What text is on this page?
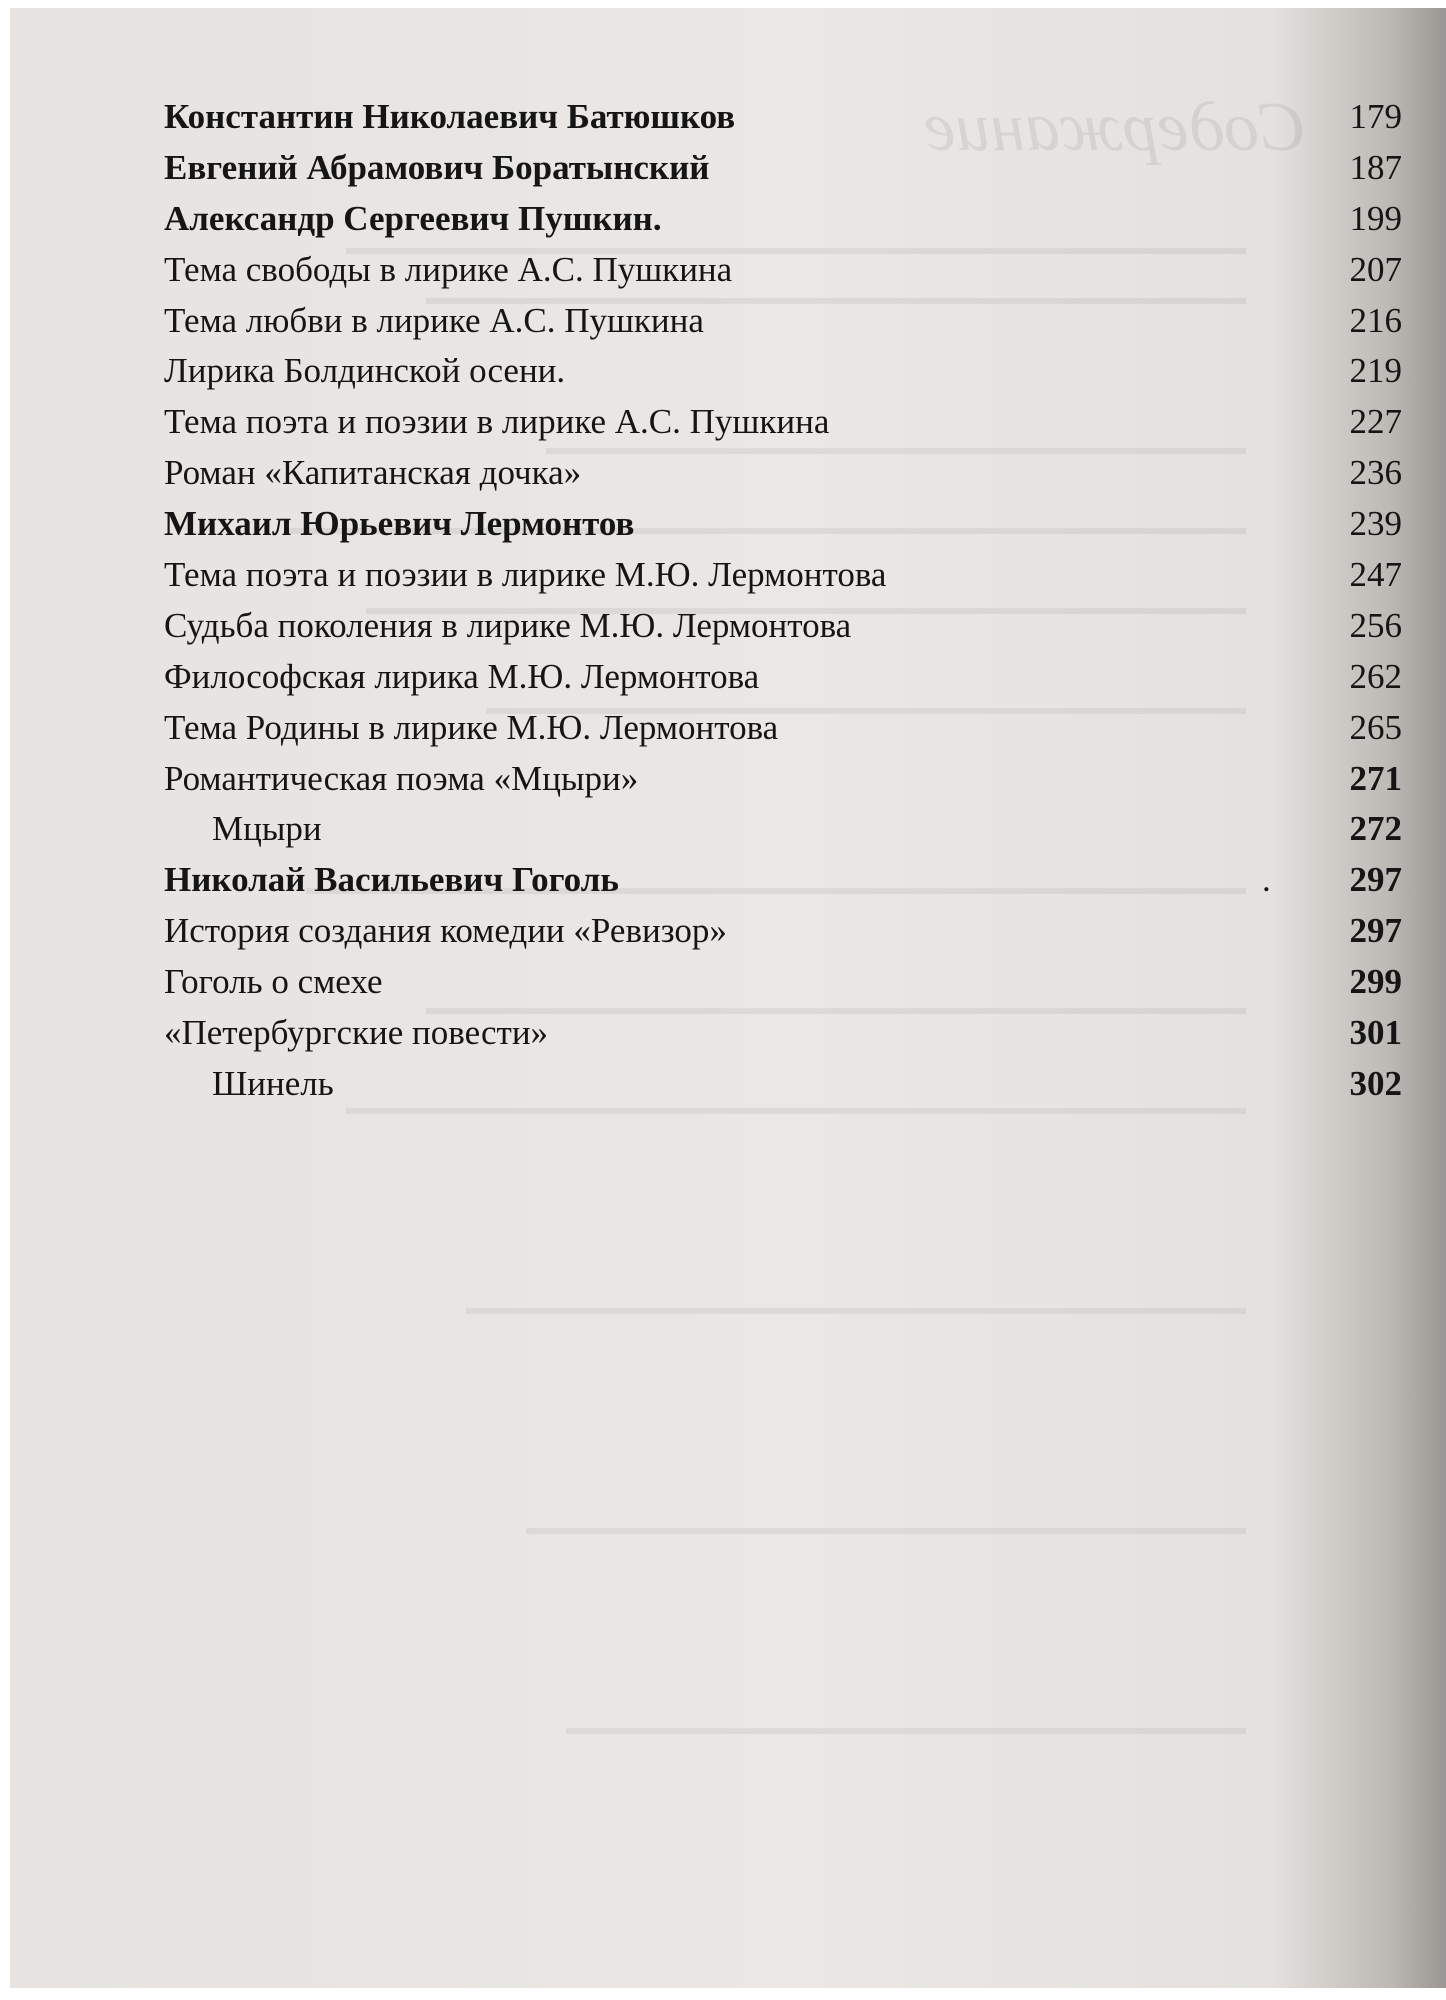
Содержание
Константин Николаевич Батюшков	179
Евгений Абрамович Боратынский	187
Александр Сергеевич Пушкин.	199
Тема свободы в лирике А.С. Пушкина	207
Тема любви в лирике А.С. Пушкина	216
Лирика Болдинской осени.	219
Тема поэта и поэзии в лирике А.С. Пушкина	227
Роман «Капитанская дочка»	236
Михаил Юрьевич Лермонтов	239
Тема поэта и поэзии в лирике М.Ю. Лермонтова	247
Судьба поколения в лирике М.Ю. Лермонтова	256
Философская лирика М.Ю. Лермонтова	262
Тема Родины в лирике М.Ю. Лермонтова	265
Романтическая поэма «Мцыри»	271
Мцыри	272
Николай Васильевич Гоголь	. 297
История создания комедии «Ревизор»	297
Гоголь о смехе	299
«Петербургские повести»	301
Шинель	302
